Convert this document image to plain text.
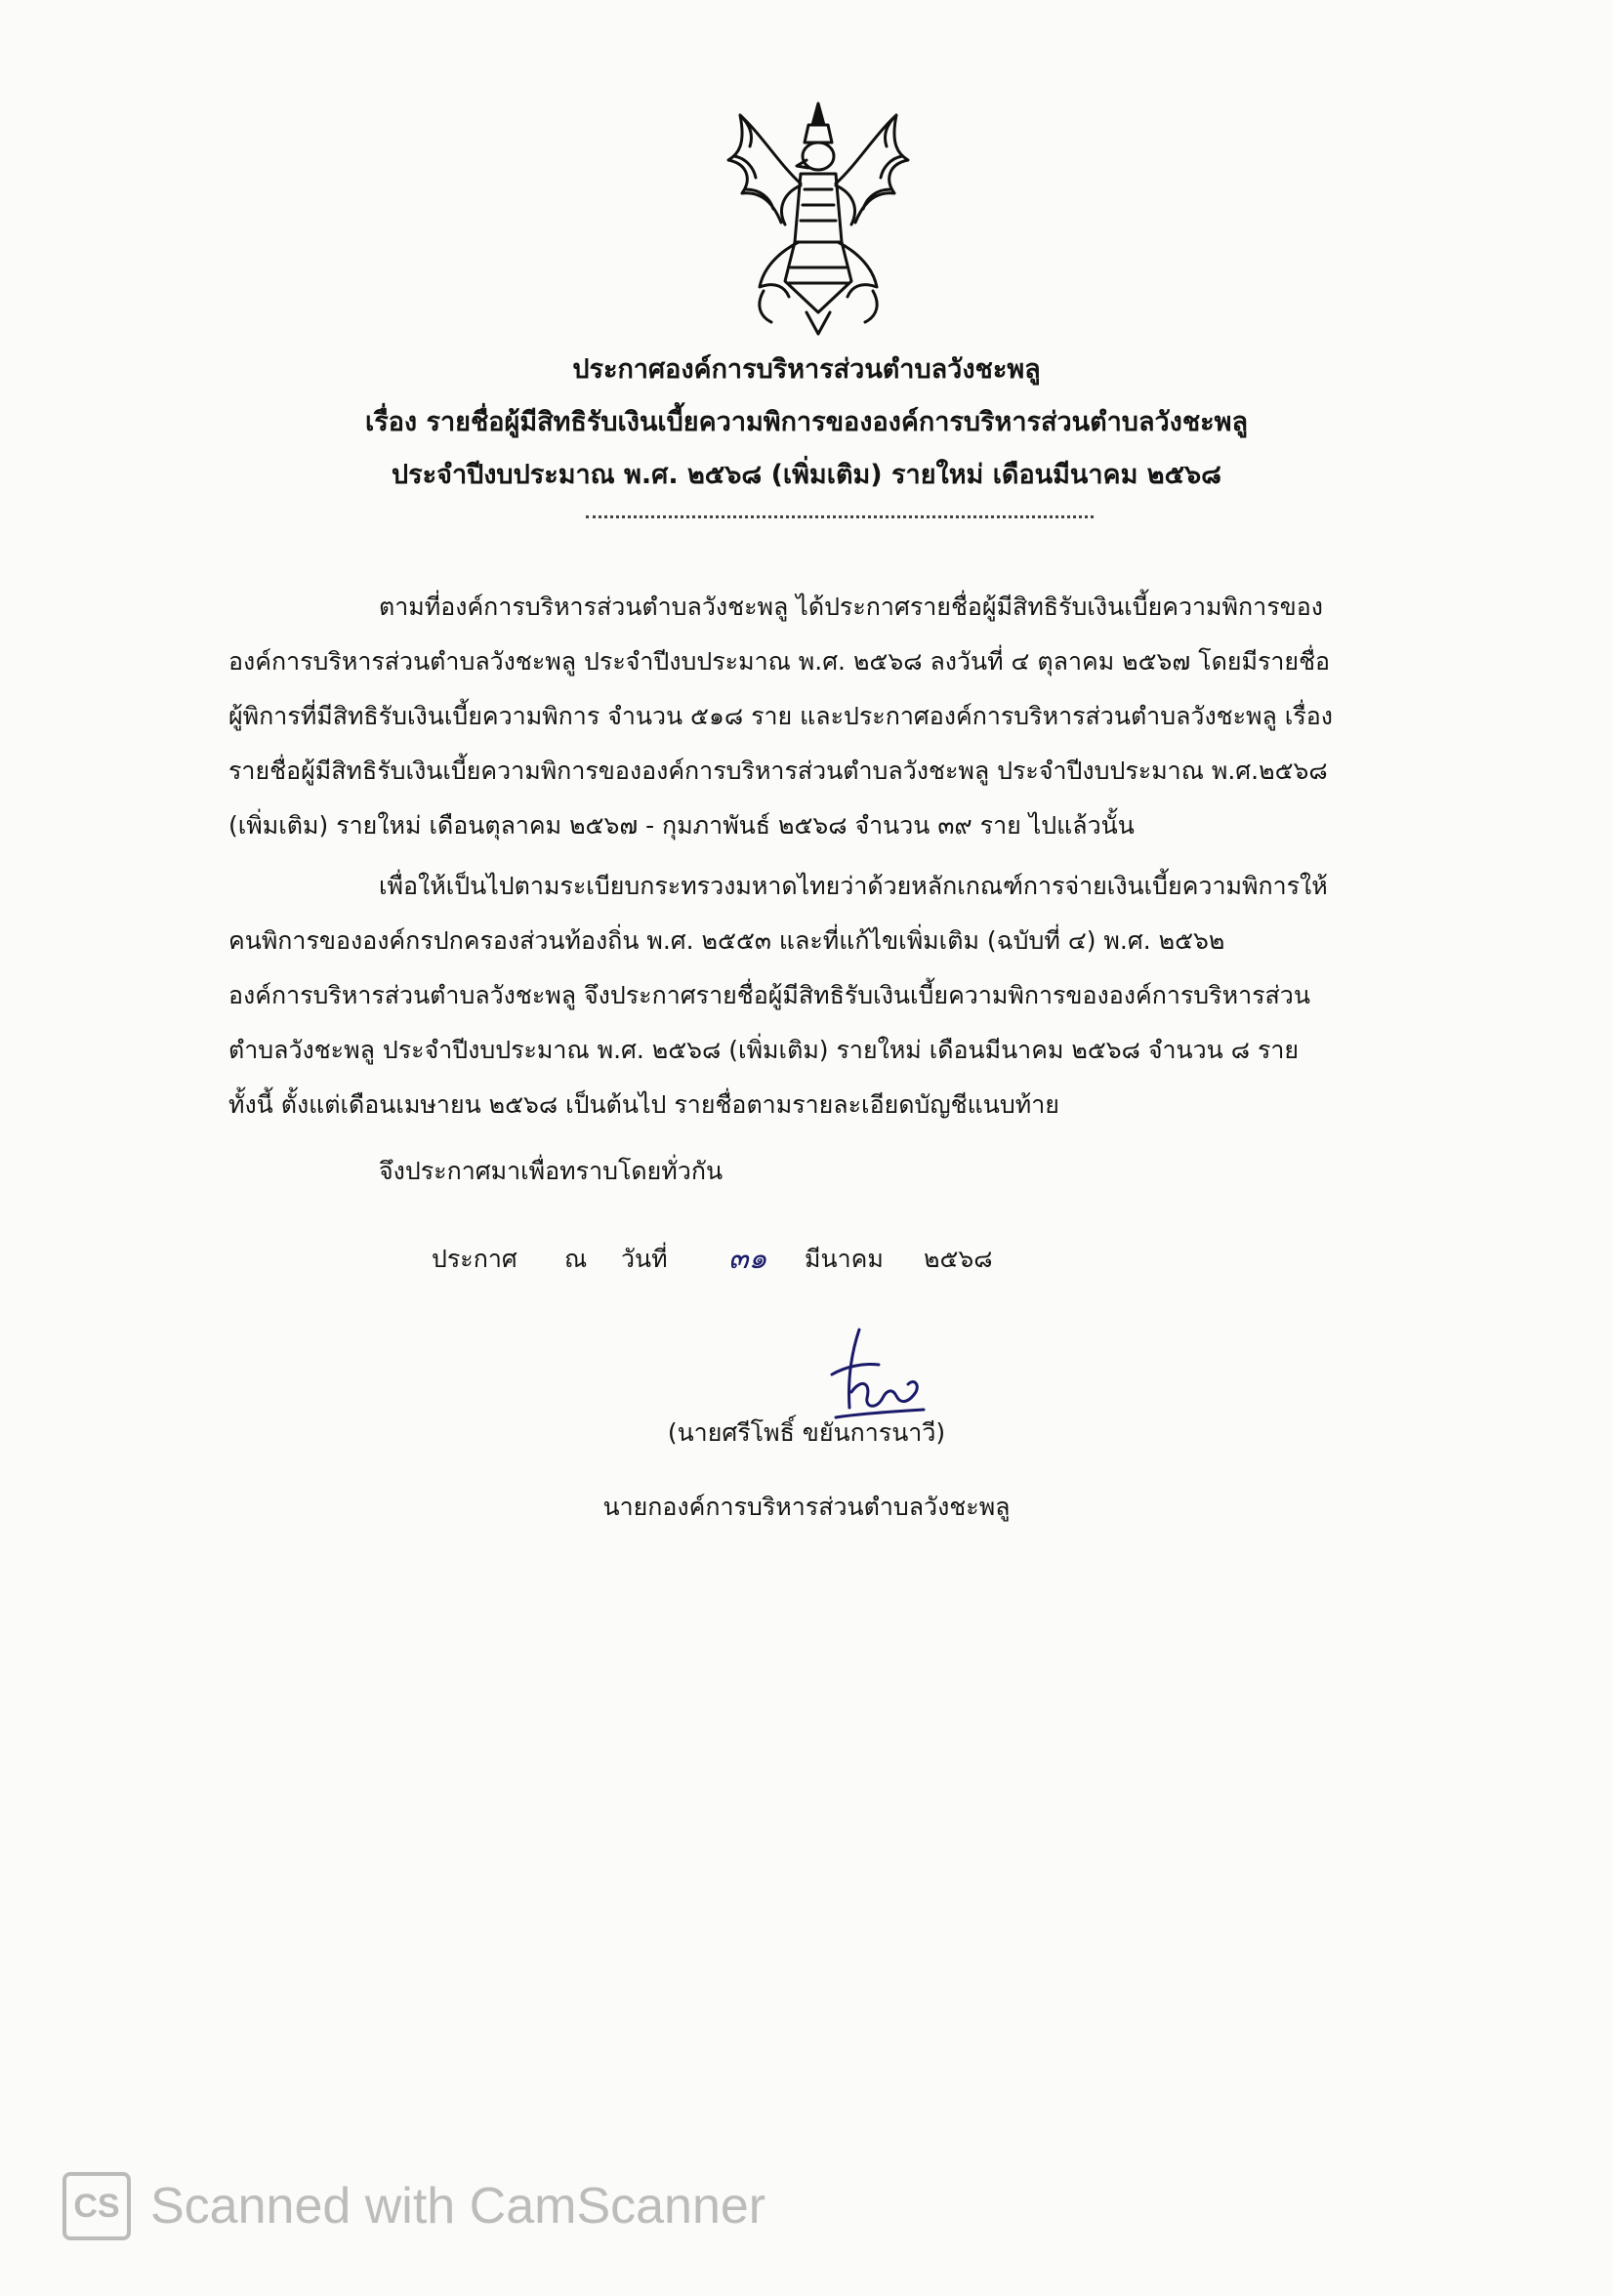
ประกาศองค์การบริหารส่วนตำบลวังชะพลู
เรื่อง รายชื่อผู้มีสิทธิรับเงินเบี้ยความพิการขององค์การบริหารส่วนตำบลวังชะพลู
ประจำปีงบประมาณ พ.ศ. ๒๕๖๘ (เพิ่มเติม) รายใหม่ เดือนมีนาคม ๒๕๖๘
ตามที่องค์การบริหารส่วนตำบลวังชะพลู ได้ประกาศรายชื่อผู้มีสิทธิรับเงินเบี้ยความพิการของ
องค์การบริหารส่วนตำบลวังชะพลู ประจำปีงบประมาณ พ.ศ. ๒๕๖๘ ลงวันที่ ๔ ตุลาคม ๒๕๖๗ โดยมีรายชื่อ
ผู้พิการที่มีสิทธิรับเงินเบี้ยความพิการ จำนวน ๕๑๘ ราย และประกาศองค์การบริหารส่วนตำบลวังชะพลู เรื่อง
รายชื่อผู้มีสิทธิรับเงินเบี้ยความพิการขององค์การบริหารส่วนตำบลวังชะพลู ประจำปีงบประมาณ พ.ศ.๒๕๖๘
(เพิ่มเติม) รายใหม่ เดือนตุลาคม ๒๕๖๗ - กุมภาพันธ์ ๒๕๖๘ จำนวน ๓๙ ราย ไปแล้วนั้น
เพื่อให้เป็นไปตามระเบียบกระทรวงมหาดไทยว่าด้วยหลักเกณฑ์การจ่ายเงินเบี้ยความพิการให้
คนพิการขององค์กรปกครองส่วนท้องถิ่น พ.ศ. ๒๕๕๓ และที่แก้ไขเพิ่มเติม (ฉบับที่ ๔) พ.ศ. ๒๕๖๒
องค์การบริหารส่วนตำบลวังชะพลู จึงประกาศรายชื่อผู้มีสิทธิรับเงินเบี้ยความพิการขององค์การบริหารส่วน
ตำบลวังชะพลู ประจำปีงบประมาณ พ.ศ. ๒๕๖๘ (เพิ่มเติม) รายใหม่ เดือนมีนาคม ๒๕๖๘ จำนวน ๘ ราย
ทั้งนี้ ตั้งแต่เดือนเมษายน ๒๕๖๘ เป็นต้นไป รายชื่อตามรายละเอียดบัญชีแนบท้าย
จึงประกาศมาเพื่อทราบโดยทั่วกัน
ประกาศ ณ วันที่ ๓๑ มีนาคม ๒๕๖๘
(นายศรีโพธิ์ ขยันการนาวี)
นายกองค์การบริหารส่วนตำบลวังชะพลู
CS Scanned with CamScanner
